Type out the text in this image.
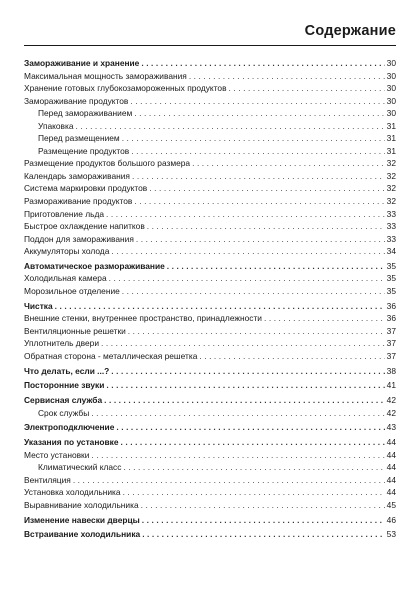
Содержание
Замораживание и хранение . . .	30
Максимальная мощность замораживания . . .	30
Хранение готовых глубокозамороженных продуктов . . .	30
Замораживание продуктов . . .	30
Перед замораживанием . . .	30
Упаковка . . .	31
Перед размещением . . .	31
Размещение продуктов . . .	31
Размещение продуктов большого размера . . .	32
Календарь замораживания . . .	32
Система маркировки продуктов . . .	32
Размораживание продуктов . . .	32
Приготовление льда . . .	33
Быстрое охлаждение напитков . . .	33
Поддон для замораживания . . .	33
Аккумуляторы холода . . .	34
Автоматическое размораживание . . .	35
Холодильная камера . . .	35
Морозильное отделение . . .	35
Чистка . . .	36
Внешние стенки, внутреннее пространство, принадлежности . . .	36
Вентиляционные решетки . . .	37
Уплотнитель двери . . .	37
Обратная сторона - металлическая решетка . . .	37
Что делать, если ...? . . .	38
Посторонние звуки . . .	41
Сервисная служба . . .	42
Срок службы . . .	42
Электроподключение . . .	43
Указания по установке . . .	44
Место установки . . .	44
Климатический класс . . .	44
Вентиляция . . .	44
Установка холодильника . . .	44
Выравнивание холодильника . . .	45
Изменение навески дверцы . . .	46
Встраивание холодильника . . .	53
